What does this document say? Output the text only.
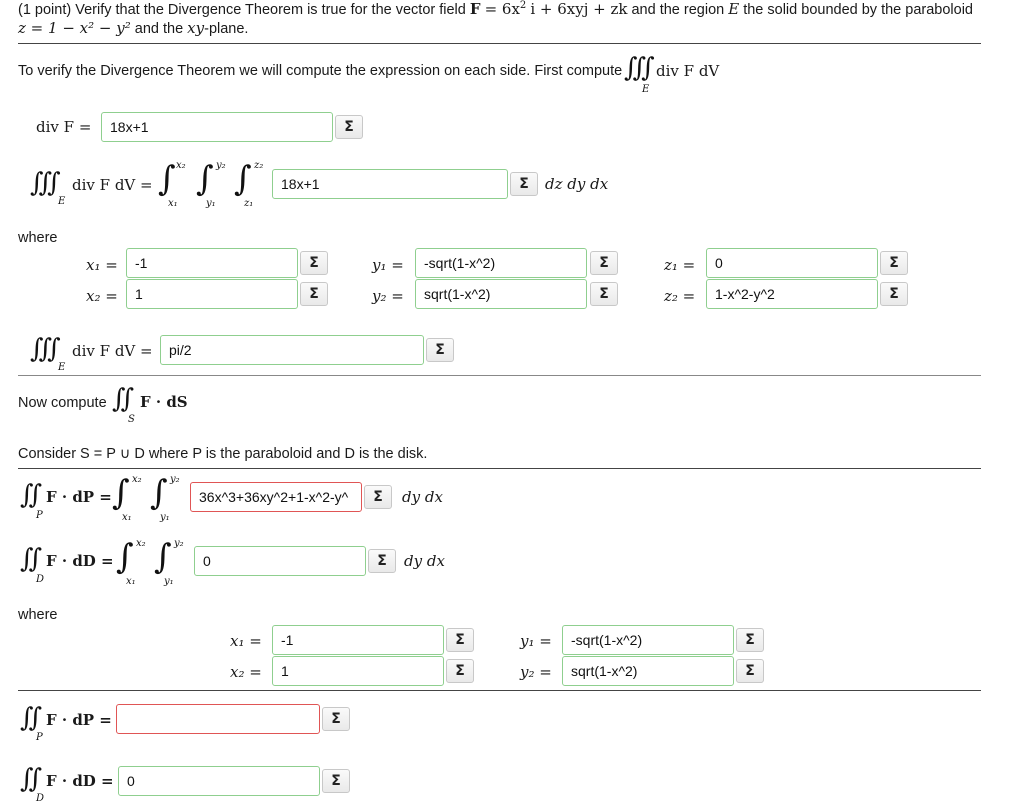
(1 point) Verify that the Divergence Theorem is true for the vector field $F = 6x^2$ i + 6xyj + zk and the region E the solid bounded by the paraboloid
z = 1 − x² − y² and the xy-plane.
To verify the Divergence Theorem we will compute the expression on each side. First compute ∭
E
div F dV
div F =	18x+1	Σ
∭
E
div F dV = ∫ x₂
x₁
∫ y₂
y₁
∫ z₂
z₁
18x+1	Σ	dz dy dx
where
x₁ =	-1	Σ
x₂ =	1	Σ
y₁ =	-sqrt(1-x^2)	Σ
y₂ =	sqrt(1-x^2)	Σ
z₁ =	0	Σ
z₂ =	1-x^2-y^2	Σ
∭
E
div F dV =	pi/2	Σ
Now compute ∬
S
F · dS
Consider S = P ∪ D where P is the paraboloid and D is the disk.
∬
P
F · dP = ∫ x₂
x₁
∫ y₂
y₁
36x^3+36xy^2+1-x^2-y^	Σ	dy dx
∬
D
F · dD = ∫ x₂
x₁
∫ y₂
y₁
0	Σ	dy dx
where
x₁ =	-1	Σ
x₂ =	1	Σ
y₁ =	-sqrt(1-x^2)	Σ
y₂ =	sqrt(1-x^2)	Σ
∬
P
F · dP =	Σ
∬
D
F · dD = 0	Σ
